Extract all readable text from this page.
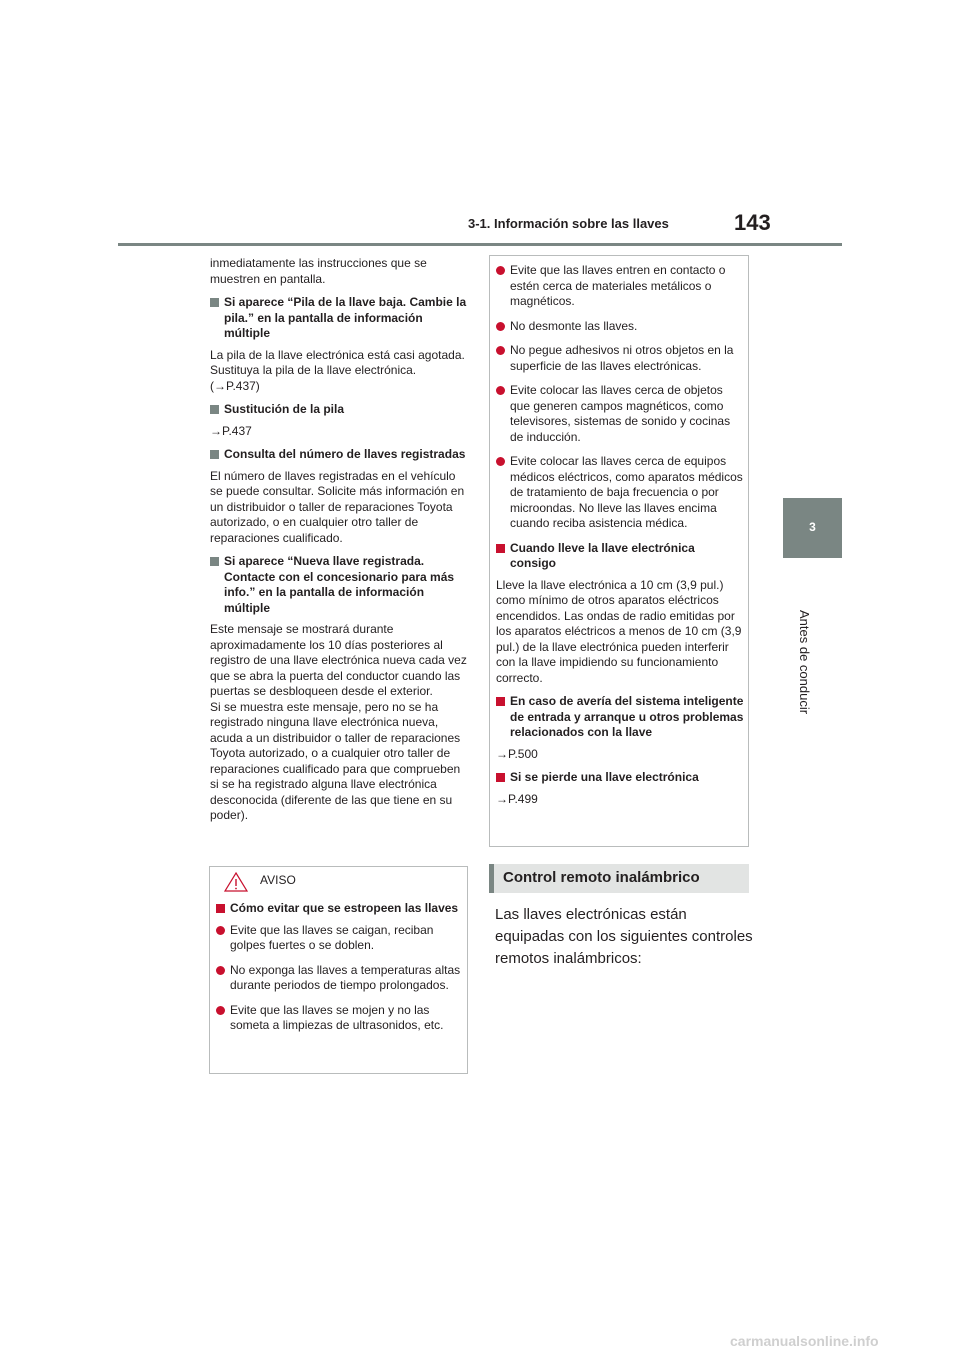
3-1. Información sobre las llaves	143
3
Antes de conducir

inmediatamente las instrucciones que se muestren en pantalla.

Si aparece “Pila de la llave baja. Cambie la pila.” en la pantalla de información múltiple

La pila de la llave electrónica está casi agotada. Sustituya la pila de la llave electrónica. (→P.437)

Sustitución de la pila

→P.437

Consulta del número de llaves registradas

El número de llaves registradas en el vehículo se puede consultar. Solicite más información en un distribuidor o taller de reparaciones Toyota autorizado, o en cualquier otro taller de reparaciones cualificado.

Si aparece “Nueva llave registrada. Contacte con el concesionario para más info.” en la pantalla de información múltiple

Este mensaje se mostrará durante aproximadamente los 10 días posteriores al registro de una llave electrónica nueva cada vez que se abra la puerta del conductor cuando las puertas se desbloqueen desde el exterior.

Si se muestra este mensaje, pero no se ha registrado ninguna llave electrónica nueva, acuda a un distribuidor o taller de reparaciones Toyota autorizado, o a cualquier otro taller de reparaciones cualificado para que comprueben si se ha registrado alguna llave electrónica desconocida (diferente de las que tiene en su poder).

AVISO
Cómo evitar que se estropeen las llaves
Evite que las llaves se caigan, reciban golpes fuertes o se doblen.
No exponga las llaves a temperaturas altas durante periodos de tiempo prolongados.
Evite que las llaves se mojen y no las someta a limpiezas de ultrasonidos, etc.
Evite que las llaves entren en contacto o estén cerca de materiales metálicos o magnéticos.
No desmonte las llaves.
No pegue adhesivos ni otros objetos en la superficie de las llaves electrónicas.
Evite colocar las llaves cerca de objetos que generen campos magnéticos, como televisores, sistemas de sonido y cocinas de inducción.
Evite colocar las llaves cerca de equipos médicos eléctricos, como aparatos médicos de tratamiento de baja frecuencia o por microondas. No lleve las llaves encima cuando reciba asistencia médica.
Cuando lleve la llave electrónica consigo

Lleve la llave electrónica a 10 cm (3,9 pul.) como mínimo de otros aparatos eléctricos encendidos. Las ondas de radio emitidas por los aparatos eléctricos a menos de 10 cm (3,9 pul.) de la llave electrónica pueden interferir con la llave impidiendo su funcionamiento correcto.

En caso de avería del sistema inteligente de entrada y arranque u otros problemas relacionados con la llave

→P.500

Si se pierde una llave electrónica

→P.499

Control remoto inalámbrico
Las llaves electrónicas están equipadas con los siguientes controles remotos inalámbricos:
carmanualsonline.info
